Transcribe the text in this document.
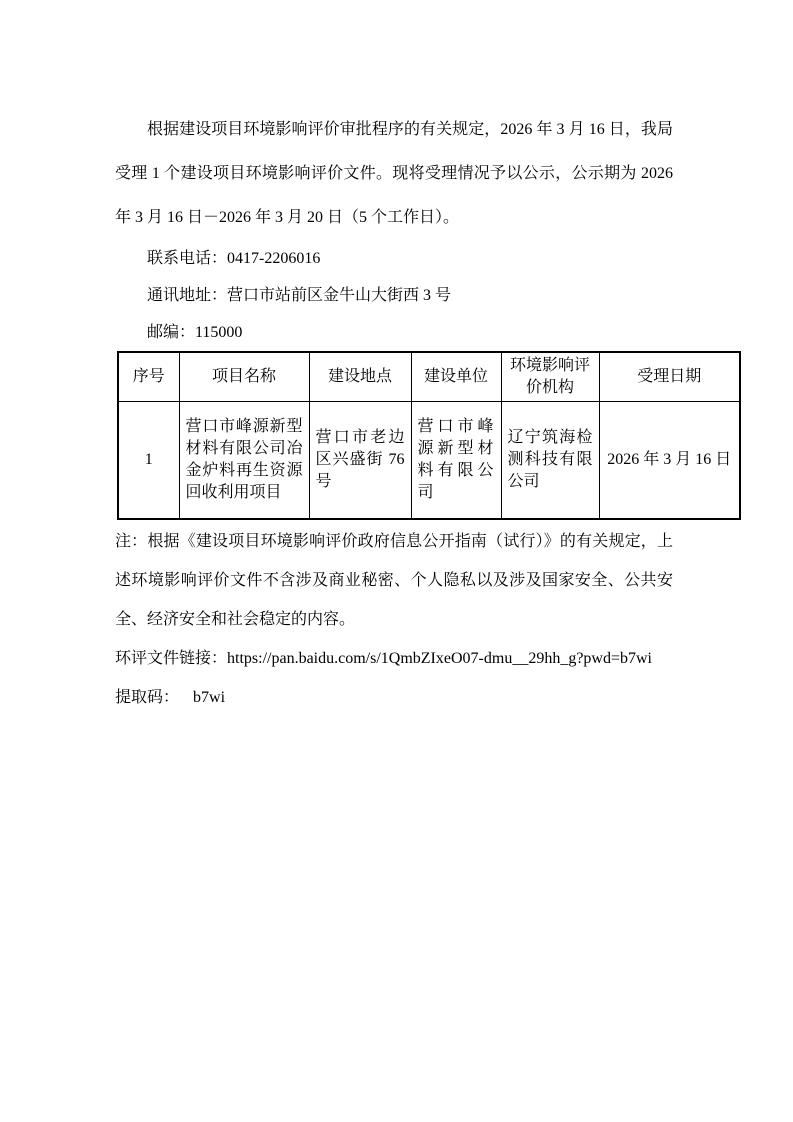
根据建设项目环境影响评价审批程序的有关规定，2026 年 3 月 16 日，我局受理 1 个建设项目环境影响评价文件。现将受理情况予以公示，公示期为 2026 年 3 月 16 日－2026 年 3 月 20 日（5 个工作日）。

联系电话：0417-2206016

通讯地址：营口市站前区金牛山大街西 3 号

邮编：115000

序号	项目名称	建设地点	建设单位	环境影响评价机构	受理日期
1	营口市峰源新型材料有限公司冶金炉料再生资源回收利用项目	营口市老边区兴盛街 76 号	营口市峰源新型材料有限公司	辽宁筑海检测科技有限公司	2026 年 3 月 16 日

注：根据《建设项目环境影响评价政府信息公开指南（试行）》的有关规定，上述环境影响评价文件不含涉及商业秘密、个人隐私以及涉及国家安全、公共安全、经济安全和社会稳定的内容。

环评文件链接：https://pan.baidu.com/s/1QmbZIxeO07-dmu__29hh_g?pwd=b7wi

提取码： b7wi
